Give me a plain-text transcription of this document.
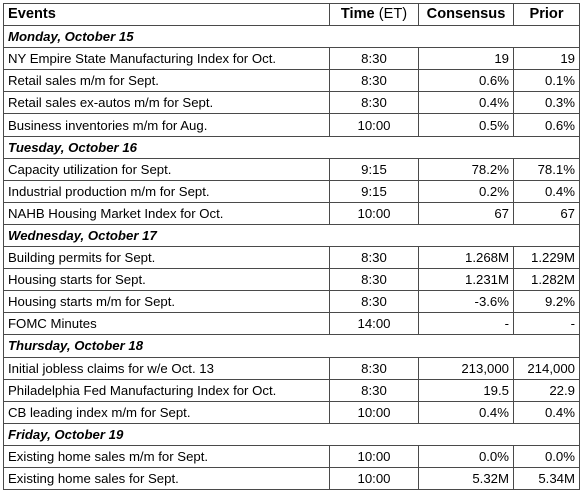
Events	Time (ET)	Consensus	Prior
Monday, October 15			
NY Empire State Manufacturing Index for Oct.	8:30	19	19
Retail sales m/m for Sept.	8:30	0.6%	0.1%
Retail sales ex-autos m/m for Sept.	8:30	0.4%	0.3%
Business inventories m/m for Aug.	10:00	0.5%	0.6%
Tuesday, October 16			
Capacity utilization for Sept.	9:15	78.2%	78.1%
Industrial production m/m for Sept.	9:15	0.2%	0.4%
NAHB Housing Market Index for Oct.	10:00	67	67
Wednesday, October 17			
Building permits for Sept.	8:30	1.268M	1.229M
Housing starts for Sept.	8:30	1.231M	1.282M
Housing starts m/m for Sept.	8:30	-3.6%	9.2%
FOMC Minutes	14:00	-	-
Thursday, October 18			
Initial jobless claims for w/e Oct. 13	8:30	213,000	214,000
Philadelphia Fed Manufacturing Index for Oct.	8:30	19.5	22.9
CB leading index m/m for Sept.	10:00	0.4%	0.4%
Friday, October 19			
Existing home sales m/m for Sept.	10:00	0.0%	0.0%
Existing home sales for Sept.	10:00	5.32M	5.34M
